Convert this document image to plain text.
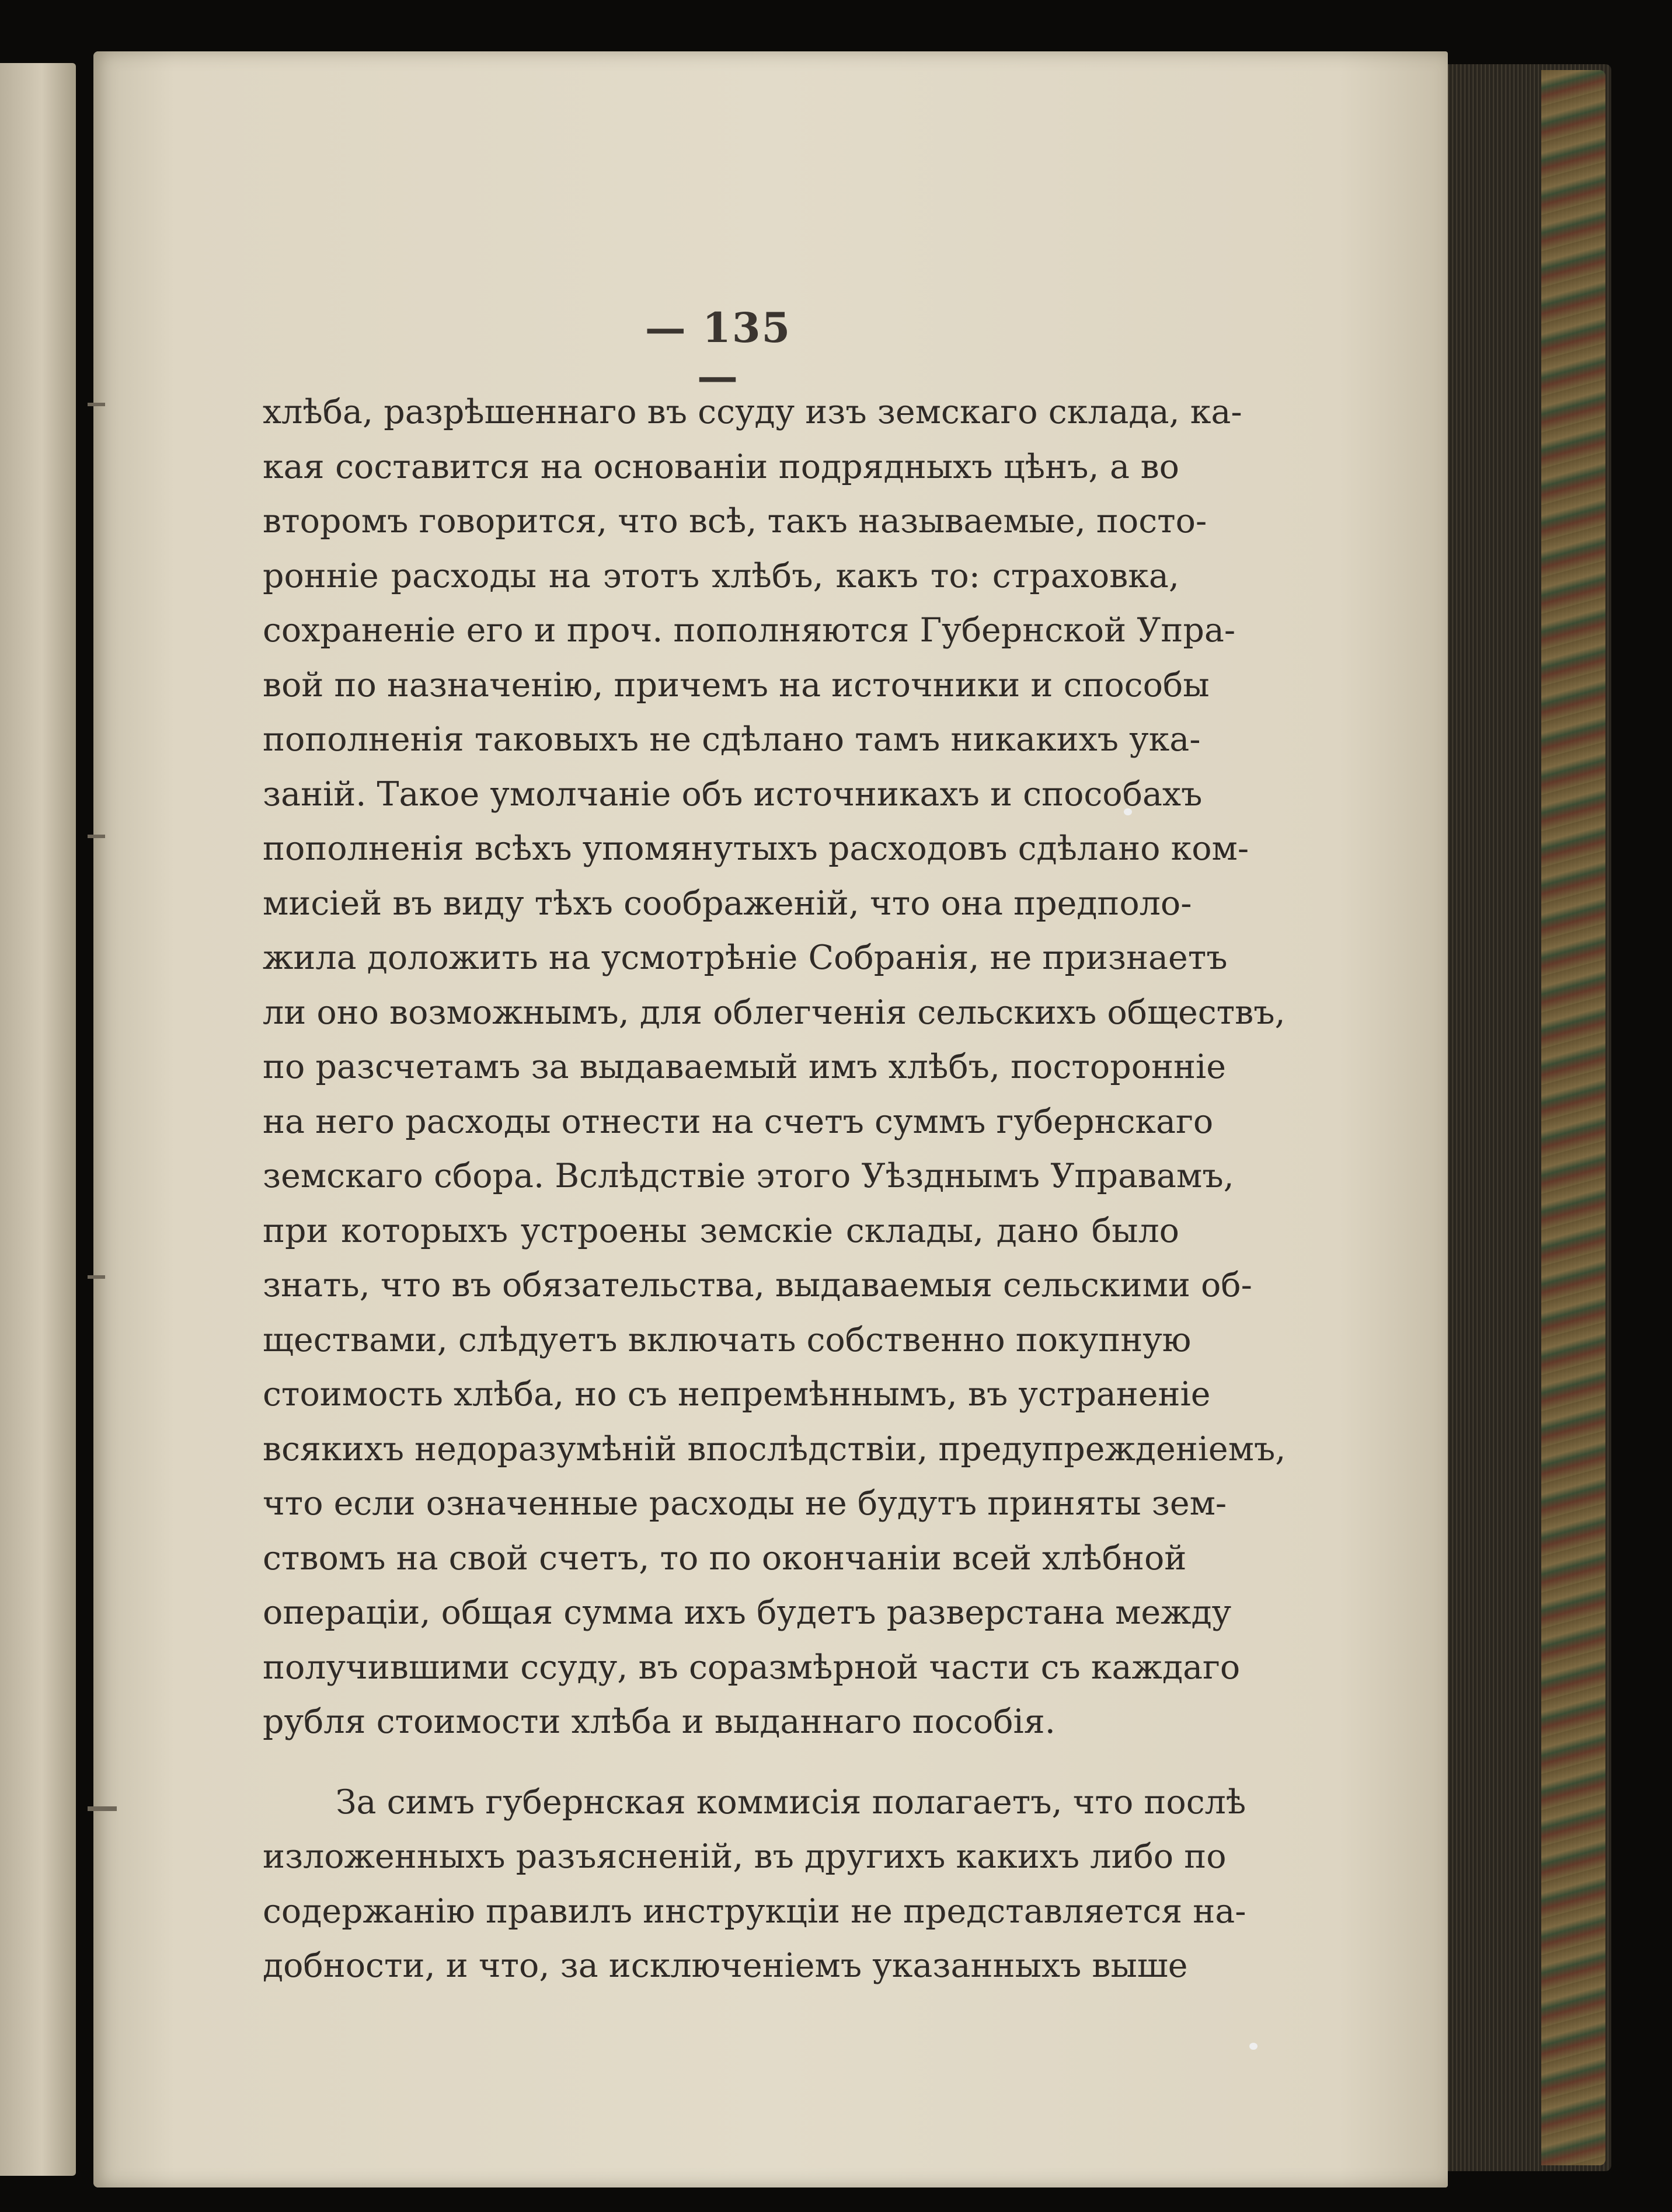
— 135 —
хлѣба, разрѣшеннаго въ ссуду изъ земскаго склада, ка-
кая составится на основаніи подрядныхъ цѣнъ, а во
второмъ говорится, что всѣ, такъ называемые, посто-
роннiе расходы на этотъ хлѣбъ, какъ то: страховка,
сохраненіе его и проч. пополняются Губернской Упра-
вой по назначенію, причемъ на источники и способы
пополненія таковыхъ не сдѣлано тамъ никакихъ ука-
заній. Такое умолчаніе объ источникахъ и способахъ
пополненія всѣхъ упомянутыхъ расходовъ сдѣлано ком-
мисіей въ виду тѣхъ соображеній, что она предполо-
жила доложить на усмотрѣніе Собранія, не признаетъ
ли оно возможнымъ, для облегченія сельскихъ обществъ,
по разсчетамъ за выдаваемый имъ хлѣбъ, посторонніе
на него расходы отнести на счетъ суммъ губернскаго
земскаго сбора. Вслѣдствіе этого Уѣзднымъ Управамъ,
при которыхъ устроены земскіе склады, дано было
знать, что въ обязательства, выдаваемыя сельскими об-
ществами, слѣдуетъ включать собственно покупную
стоимость хлѣба, но съ непремѣннымъ, въ устраненіе
всякихъ недоразумѣній впослѣдствіи, предупрежденіемъ,
что если означенные расходы не будутъ приняты зем-
ствомъ на свой счетъ, то по окончаніи всей хлѣбной
операціи, общая сумма ихъ будетъ разверстана между
получившими ссуду, въ соразмѣрной части съ каждаго
рубля стоимости хлѣба и выданнаго пособія.
За симъ губернская коммисія полагаетъ, что послѣ
изложенныхъ разъясненій, въ другихъ какихъ либо по
содержанію правилъ инструкціи не представляется на-
добности, и что, за исключеніемъ указанныхъ выше
